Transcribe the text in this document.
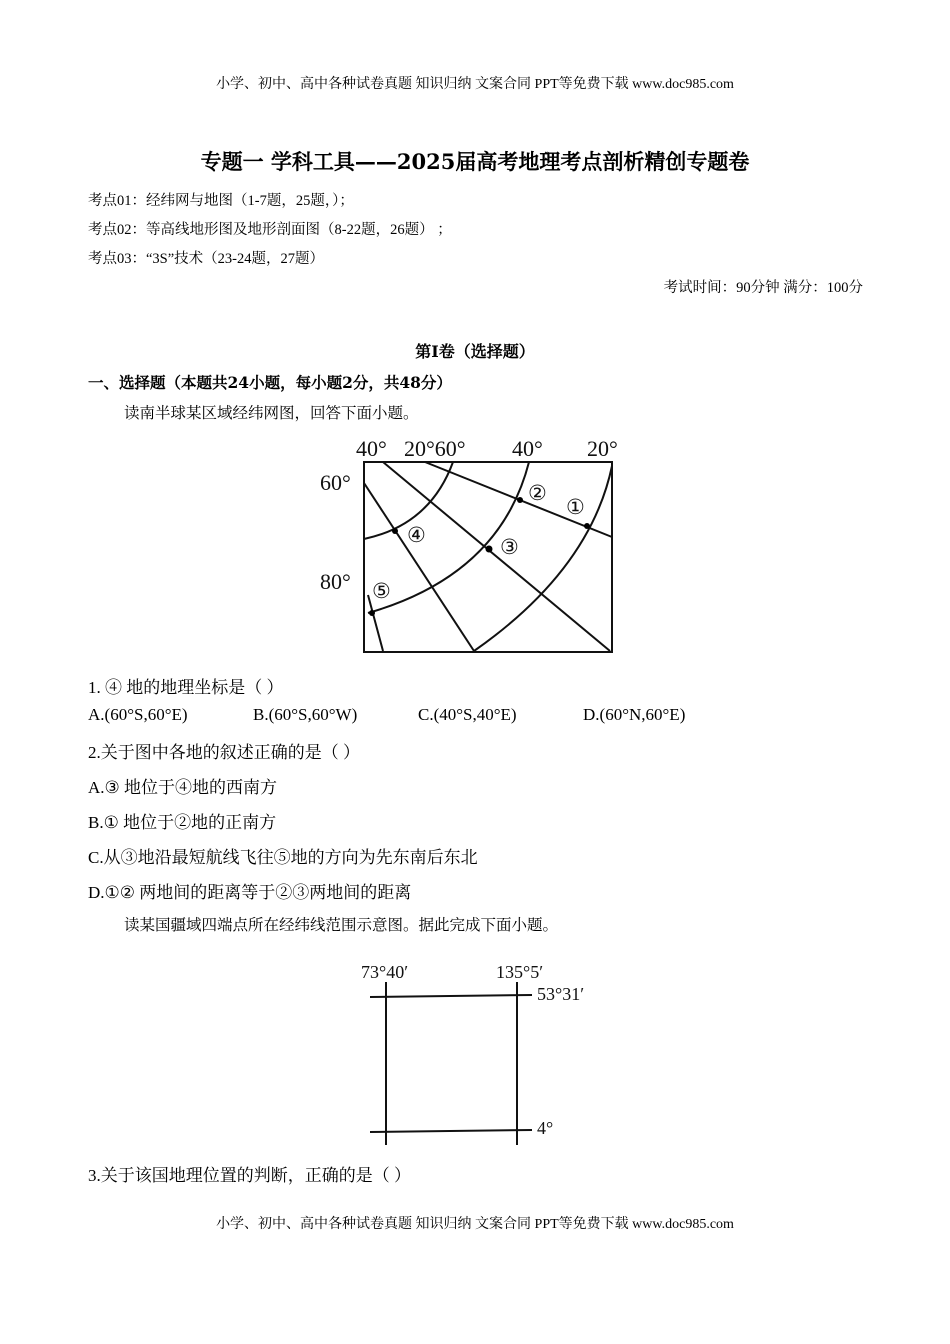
小学、初中、高中各种试卷真题 知识归纳 文案合同 PPT等免费下载 www.doc985.com
专题一 学科工具——2025届高考地理考点剖析精创专题卷
考点01：经纬网与地图（1-7题，25题，）；
考点02：等高线地形图及地形剖面图（8-22题，26题） ；
考点03：“3S”技术（23-24题，27题）
考试时间：90分钟 满分：100分
第Ⅰ卷（选择题）
一、选择题（本题共24小题，每小题2分，共48分）
读南半球某区域经纬网图，回答下面小题。
40° 20°60° 40° 20°
60°
80°
①
②
③
④
⑤
73°40′	135°5′
53°31′
4°
1. ④ 地的地理坐标是（ ）
A.(60°S,60°E)	B.(60°S,60°W)	C.(40°S,40°E)	D.(60°N,60°E)
2.关于图中各地的叙述正确的是（ ）
A.③ 地位于④地的西南方
B.① 地位于②地的正南方
C.从③地沿最短航线飞往⑤地的方向为先东南后东北
D.①② 两地间的距离等于②③两地间的距离
读某国疆域四端点所在经纬线范围示意图。据此完成下面小题。
3.关于该国地理位置的判断，正确的是（ ）
小学、初中、高中各种试卷真题 知识归纳 文案合同 PPT等免费下载 www.doc985.com
